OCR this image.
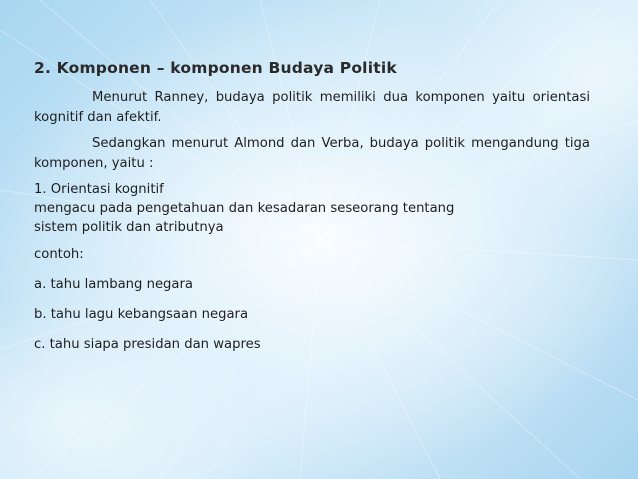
2. Komponen – komponen Budaya Politik
Menurut Ranney, budaya politik memiliki dua komponen yaitu orientasi kognitif dan afektif.
Sedangkan menurut Almond dan Verba, budaya politik mengandung tiga komponen, yaitu :
1. Orientasi kognitif
mengacu pada pengetahuan dan kesadaran seseorang tentang
sistem politik dan atributnya
contoh:
a. tahu lambang negara
b. tahu lagu kebangsaan negara
c. tahu siapa presidan dan wapres
